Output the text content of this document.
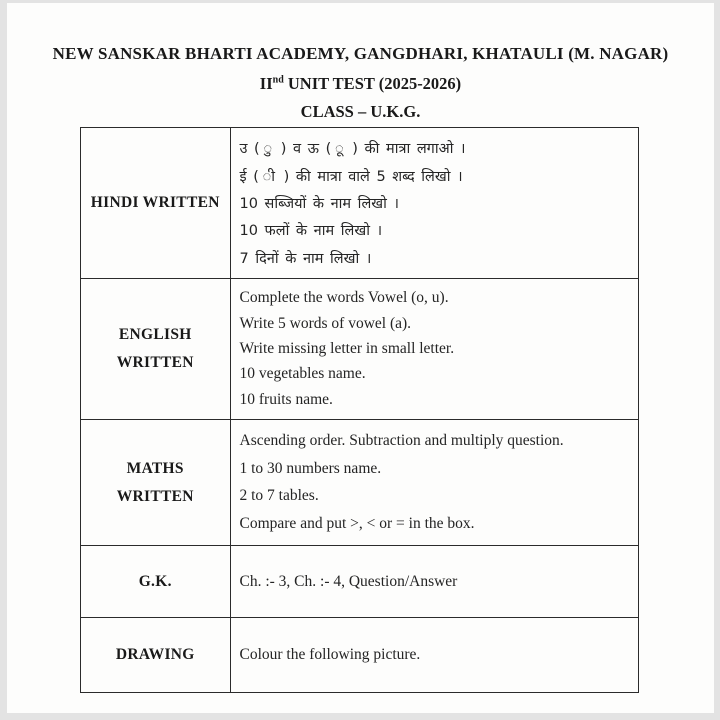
NEW SANSKAR BHARTI ACADEMY, GANGDHARI, KHATAULI (M. NAGAR)
IInd UNIT TEST (2025-2026)
CLASS – U.K.G.
HINDI WRITTEN
उ ( ु ) व ऊ ( ू ) की मात्रा लगाओ ।
ई ( ी ) की मात्रा वाले 5 शब्द लिखो ।
10 सब्जियों के नाम लिखो ।
10 फलों के नाम लिखो ।
7 दिनों के नाम लिखो ।
ENGLISH
WRITTEN
Complete the words Vowel (o, u).
Write 5 words of vowel (a).
Write missing letter in small letter.
10 vegetables name.
10 fruits name.
MATHS
WRITTEN
Ascending order. Subtraction and multiply question.
1 to 30 numbers name.
2 to 7 tables.
Compare and put >, < or = in the box.
G.K.	Ch. :- 3, Ch. :- 4, Question/Answer
DRAWING	Colour the following picture.
